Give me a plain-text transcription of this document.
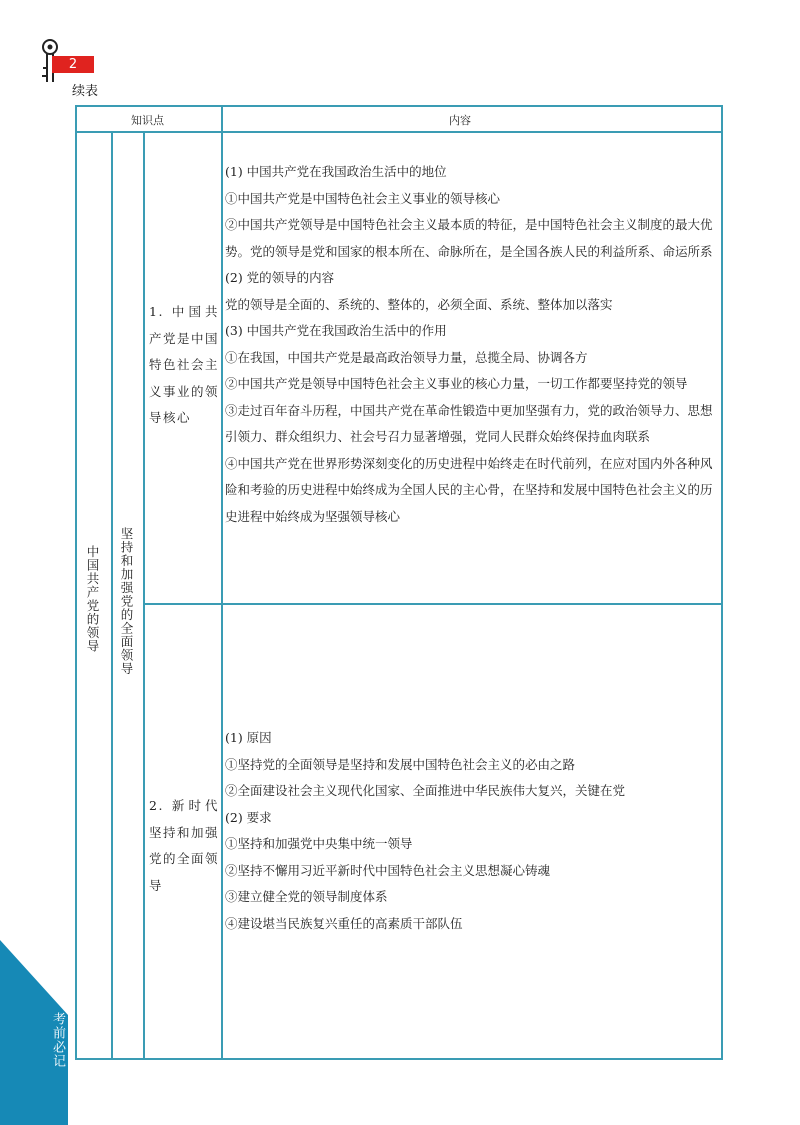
2
续表
知识点	内容
中国共产党的领导 坚持和加强党的全面领导
1. 中国共产党是中国特色社会主义事业的领导核心
2. 新时代坚持和加强党的全面领导
(1) 中国共产党在我国政治生活中的地位
①中国共产党是中国特色社会主义事业的领导核心
②中国共产党领导是中国特色社会主义最本质的特征，是中国特色社会主义制度的最大优势。党的领导是党和国家的根本所在、命脉所在，是全国各族人民的利益所系、命运所系
(2) 党的领导的内容
党的领导是全面的、系统的、整体的，必须全面、系统、整体加以落实
(3) 中国共产党在我国政治生活中的作用
①在我国，中国共产党是最高政治领导力量，总揽全局、协调各方
②中国共产党是领导中国特色社会主义事业的核心力量，一切工作都要坚持党的领导
③走过百年奋斗历程，中国共产党在革命性锻造中更加坚强有力，党的政治领导力、思想引领力、群众组织力、社会号召力显著增强，党同人民群众始终保持血肉联系
④中国共产党在世界形势深刻变化的历史进程中始终走在时代前列，在应对国内外各种风险和考验的历史进程中始终成为全国人民的主心骨，在坚持和发展中国特色社会主义的历史进程中始终成为坚强领导核心
(1) 原因
①坚持党的全面领导是坚持和发展中国特色社会主义的必由之路
②全面建设社会主义现代化国家、全面推进中华民族伟大复兴，关键在党
(2) 要求
①坚持和加强党中央集中统一领导
②坚持不懈用习近平新时代中国特色社会主义思想凝心铸魂
③建立健全党的领导制度体系
④建设堪当民族复兴重任的高素质干部队伍
考前必记
